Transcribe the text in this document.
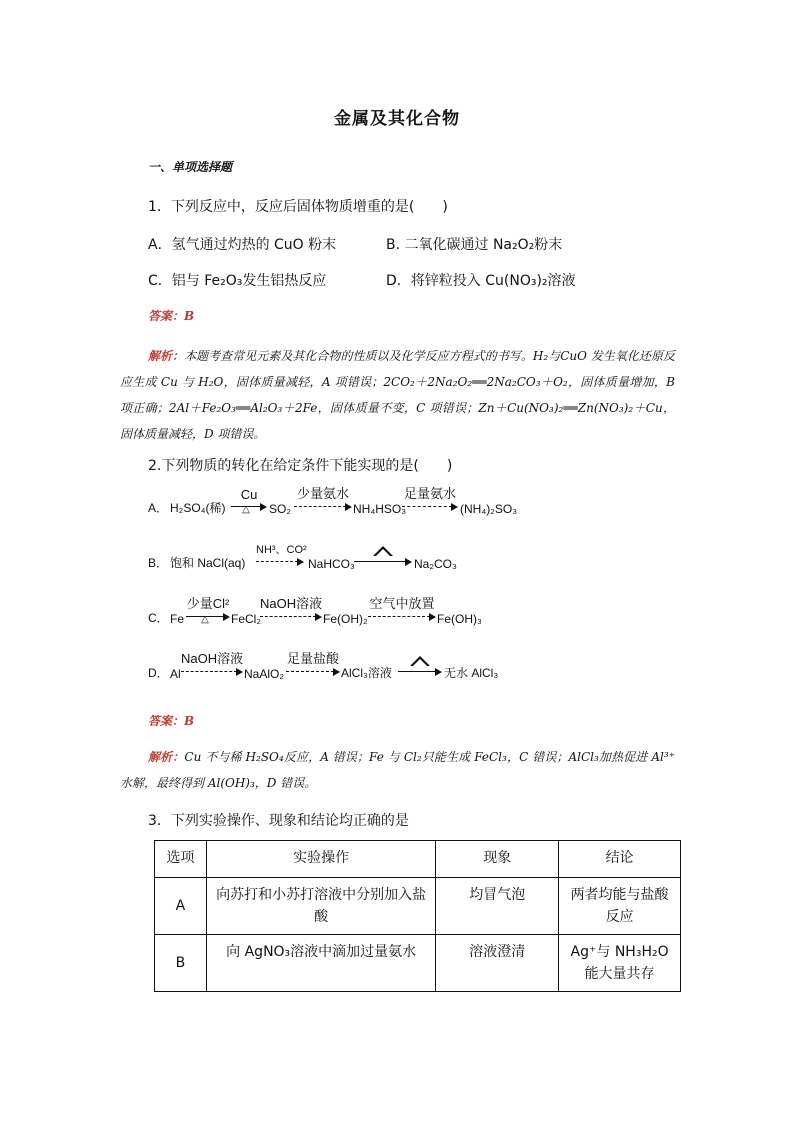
金属及其化合物
一、单项选择题
1．下列反应中，反应后固体物质增重的是(　　)
A．氢气通过灼热的 CuO 粉末	B. 二氧化碳通过 Na₂O₂粉末
C．铝与 Fe₂O₃发生铝热反应	D．将锌粒投入 Cu(NO₃)₂溶液
答案：B
解析：本题考查常见元素及其化合物的性质以及化学反应方程式的书写。H₂与CuO 发生氧化还原反应生成 Cu 与 H₂O，固体质量减轻，A 项错误；2CO₂＋2Na₂O₂══2Na₂CO₃＋O₂，固体质量增加，B 项正确；2Al＋Fe₂O₃══Al₂O₃＋2Fe，固体质量不变，C 项错误；Zn＋Cu(NO₃)₂══Zn(NO₃)₂＋Cu，固体质量减轻，D 项错误。
2.下列物质的转化在给定条件下能实现的是(　　)
A． H₂SO₄(稀)
Cu
△	SO₂
少量氨水
NH₄HSO₃
足量氨水
(NH₄)₂SO₃
B． 饱和 NaCl(aq)
NH³、CO²
NaHCO₃	Na₂CO₃
C． Fe
少量Cl²
△	FeCl₂
NaOH溶液
Fe(OH)₂
空气中放置
Fe(OH)₃
D． Al
NaOH溶液
NaAlO₂
足量盐酸
AlCl₃溶液	无水 AlCl₃
答案：B
解析：Cu 不与稀 H₂SO₄反应，A 错误；Fe 与 Cl₂只能生成 FeCl₃，C 错误；AlCl₃加热促进 Al³⁺水解，最终得到 Al(OH)₃，D 错误。
3．下列实验操作、现象和结论均正确的是
选项	实验操作	现象	结论
A	向苏打和小苏打溶液中分别加入盐酸	均冒气泡	两者均能与盐酸反应
B	向 AgNO₃溶液中滴加过量氨水	溶液澄清	Ag⁺与 NH₃H₂O 能大量共存
